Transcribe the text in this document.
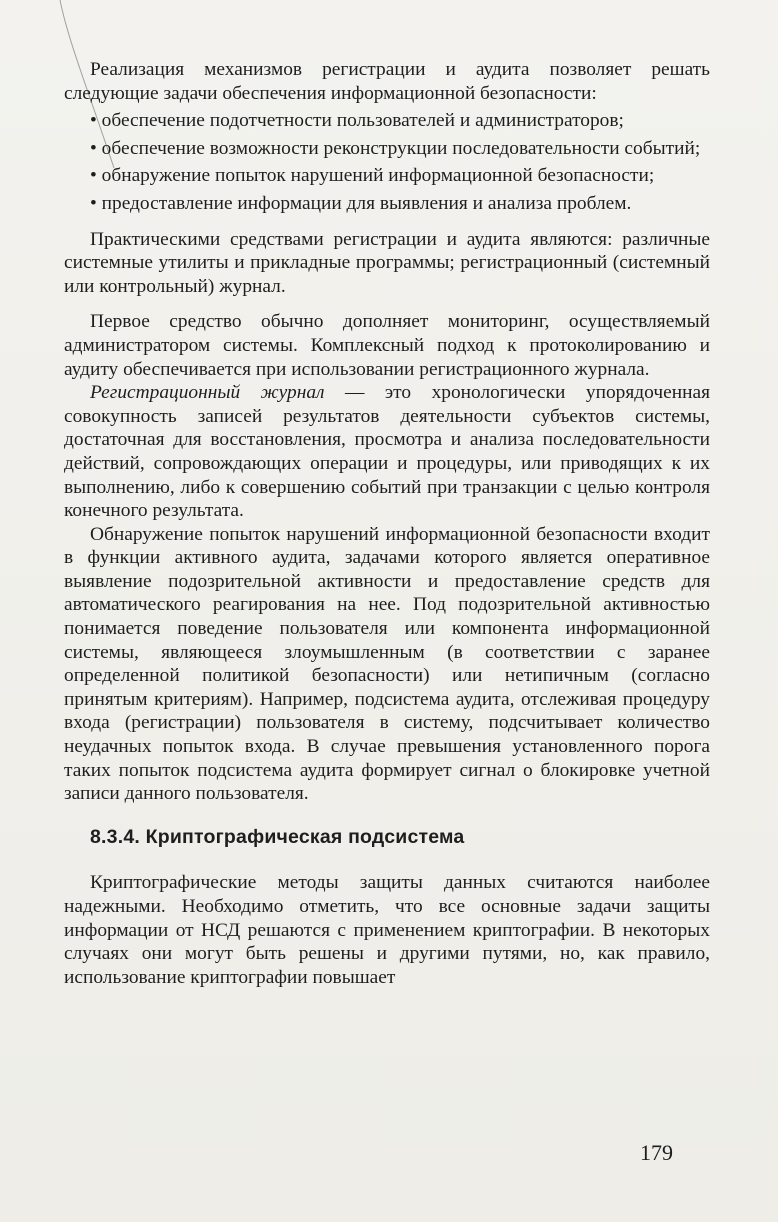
Реализация механизмов регистрации и аудита позволяет решать следующие задачи обеспечения информационной безопасности:

• обеспечение подотчетности пользователей и администраторов;

• обеспечение возможности реконструкции последовательности событий;

• обнаружение попыток нарушений информационной безопасности;

• предоставление информации для выявления и анализа проблем.

Практическими средствами регистрации и аудита являются: различные системные утилиты и прикладные программы; регистрационный (системный или контрольный) журнал.

Первое средство обычно дополняет мониторинг, осуществляемый администратором системы. Комплексный подход к протоколированию и аудиту обеспечивается при использовании регистрационного журнала.

Регистрационный журнал — это хронологически упорядоченная совокупность записей результатов деятельности субъектов системы, достаточная для восстановления, просмотра и анализа последовательности действий, сопровождающих операции и процедуры, или приводящих к их выполнению, либо к совершению событий при транзакции с целью контроля конечного результата.

Обнаружение попыток нарушений информационной безопасности входит в функции активного аудита, задачами которого является оперативное выявление подозрительной активности и предоставление средств для автоматического реагирования на нее. Под подозрительной активностью понимается поведение пользователя или компонента информационной системы, являющееся злоумышленным (в соответствии с заранее определенной политикой безопасности) или нетипичным (согласно принятым критериям). Например, подсистема аудита, отслеживая процедуру входа (регистрации) пользователя в систему, подсчитывает количество неудачных попыток входа. В случае превышения установленного порога таких попыток подсистема аудита формирует сигнал о блокировке учетной записи данного пользователя.

8.3.4. Криптографическая подсистема

Криптографические методы защиты данных считаются наиболее надежными. Необходимо отметить, что все основные задачи защиты информации от НСД решаются с применением криптографии. В некоторых случаях они могут быть решены и другими путями, но, как правило, использование криптографии повышает

179
